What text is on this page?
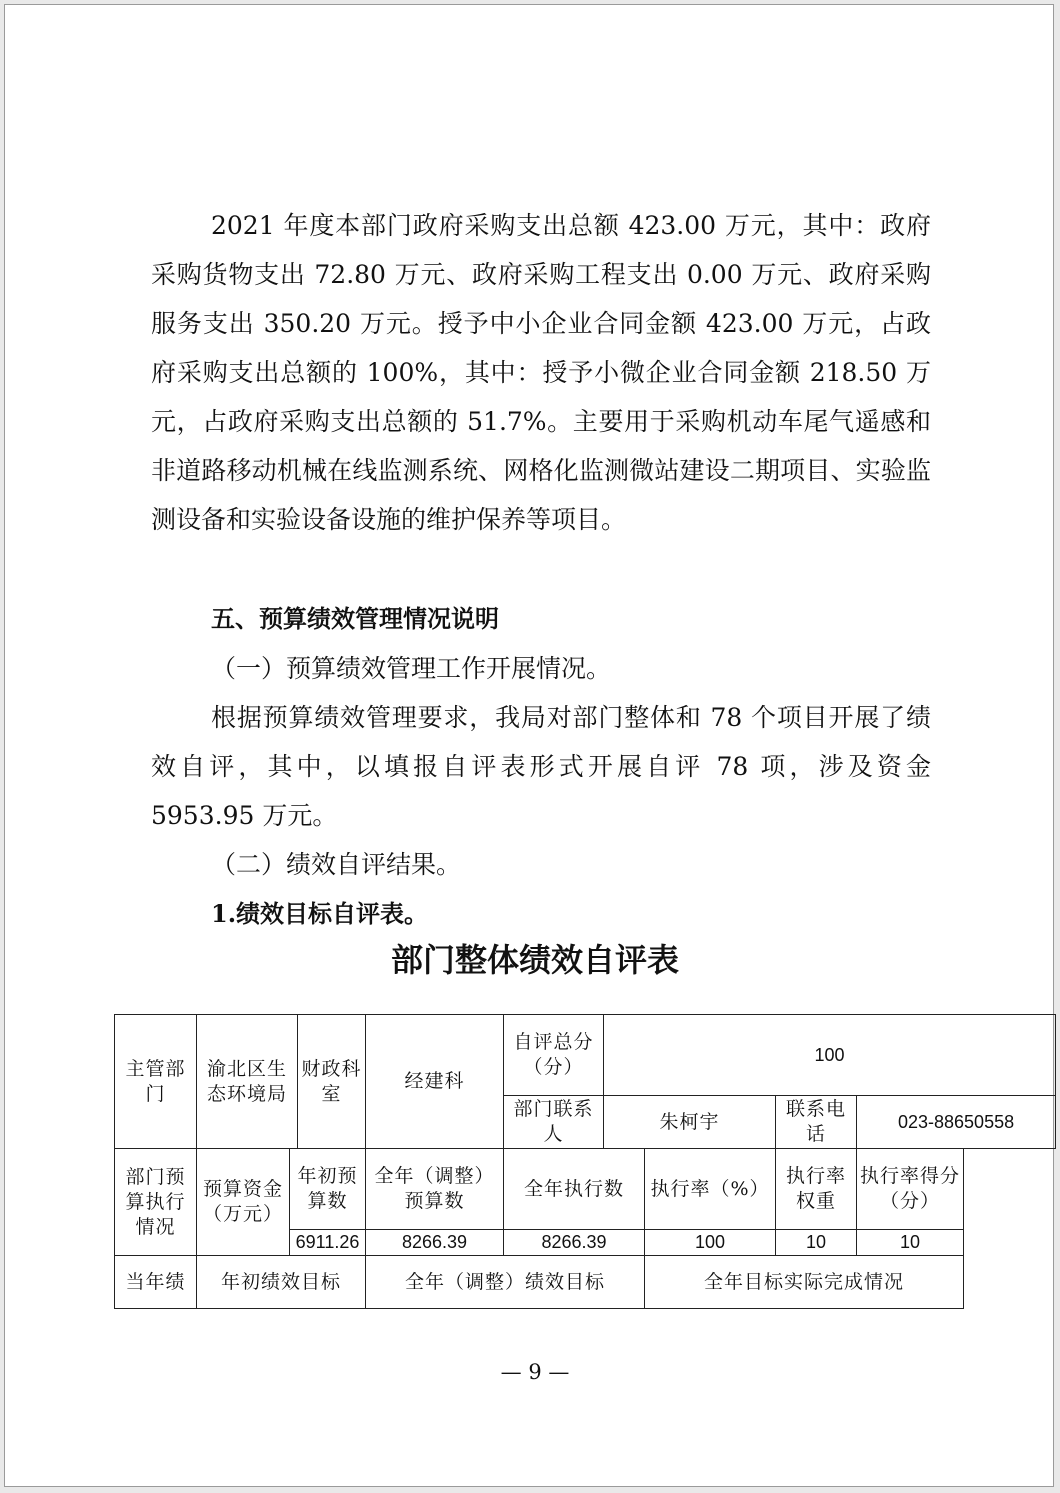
2021 年度本部门政府采购支出总额 423.00 万元，其中：政府采购货物支出 72.80 万元、政府采购工程支出 0.00 万元、政府采购服务支出 350.20 万元。授予中小企业合同金额 423.00 万元，占政府采购支出总额的 100%，其中：授予小微企业合同金额 218.50 万元，占政府采购支出总额的 51.7%。主要用于采购机动车尾气遥感和非道路移动机械在线监测系统、网格化监测微站建设二期项目、实验监测设备和实验设备设施的维护保养等项目。

五、预算绩效管理情况说明

（一）预算绩效管理工作开展情况。

根据预算绩效管理要求，我局对部门整体和 78 个项目开展了绩效自评，其中，以填报自评表形式开展自评 78 项，涉及资金 5953.95 万元。

（二）绩效自评结果。

1.绩效目标自评表。

部门整体绩效自评表

主管部门	渝北区生态环境局		财政科室	经建科	自评总分（分）	100			
					部门联系人	朱柯宇		联系电话	023-88650558
部门预算执行情况	预算资金（万元）	年初预算数		全年（调整）预算数	全年执行数		执行率（%）	执行率权重	执行率得分（分）
		6911.26		8266.39	8266.39		100	10	10
当年绩	年初绩效目标			全年（调整）绩效目标			全年目标实际完成情况		

— 9 —
